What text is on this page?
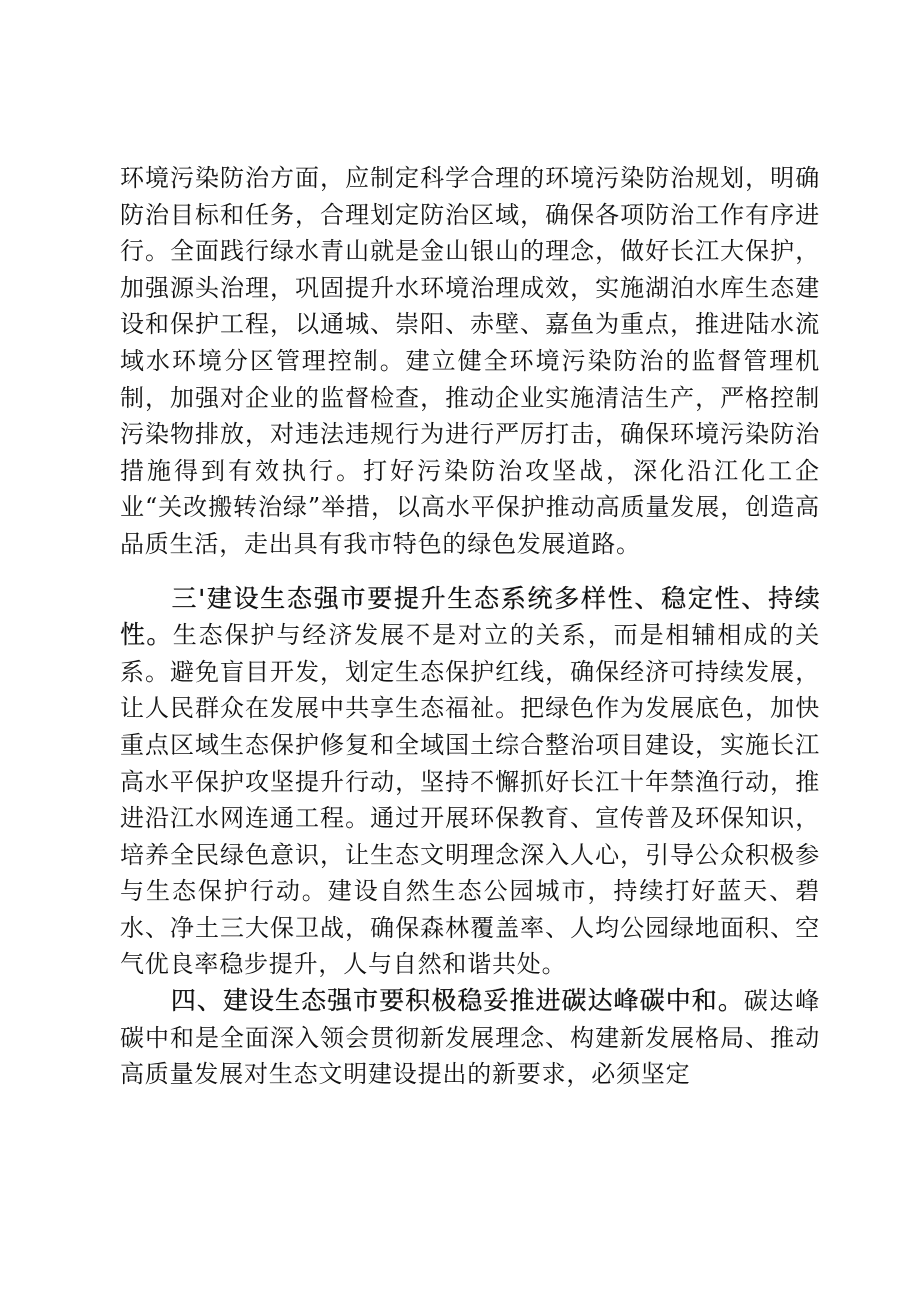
环境污染防治方面，应制定科学合理的环境污染防治规划，明确防治目标和任务，合理划定防治区域，确保各项防治工作有序进行。全面践行绿水青山就是金山银山的理念，做好长江大保护，加强源头治理，巩固提升水环境治理成效，实施湖泊水库生态建设和保护工程，以通城、崇阳、赤壁、嘉鱼为重点，推进陆水流域水环境分区管理控制。建立健全环境污染防治的监督管理机制，加强对企业的监督检查，推动企业实施清洁生产，严格控制污染物排放，对违法违规行为进行严厉打击，确保环境污染防治措施得到有效执行。打好污染防治攻坚战，深化沿江化工企业“关改搬转治绿”举措，以高水平保护推动高质量发展，创造高品质生活，走出具有我市特色的绿色发展道路。

三'建设生态强市要提升生态系统多样性、稳定性、持续性。生态保护与经济发展不是对立的关系，而是相辅相成的关系。避免盲目开发，划定生态保护红线，确保经济可持续发展，让人民群众在发展中共享生态福祉。把绿色作为发展底色，加快重点区域生态保护修复和全域国土综合整治项目建设，实施长江高水平保护攻坚提升行动，坚持不懈抓好长江十年禁渔行动，推进沿江水网连通工程。通过开展环保教育、宣传普及环保知识，培养全民绿色意识，让生态文明理念深入人心，引导公众积极参与生态保护行动。建设自然生态公园城市，持续打好蓝天、碧水、净土三大保卫战，确保森林覆盖率、人均公园绿地面积、空气优良率稳步提升，人与自然和谐共处。

四、建设生态强市要积极稳妥推进碳达峰碳中和。碳达峰碳中和是全面深入领会贯彻新发展理念、构建新发展格局、推动高质量发展对生态文明建设提出的新要求，必须坚定
